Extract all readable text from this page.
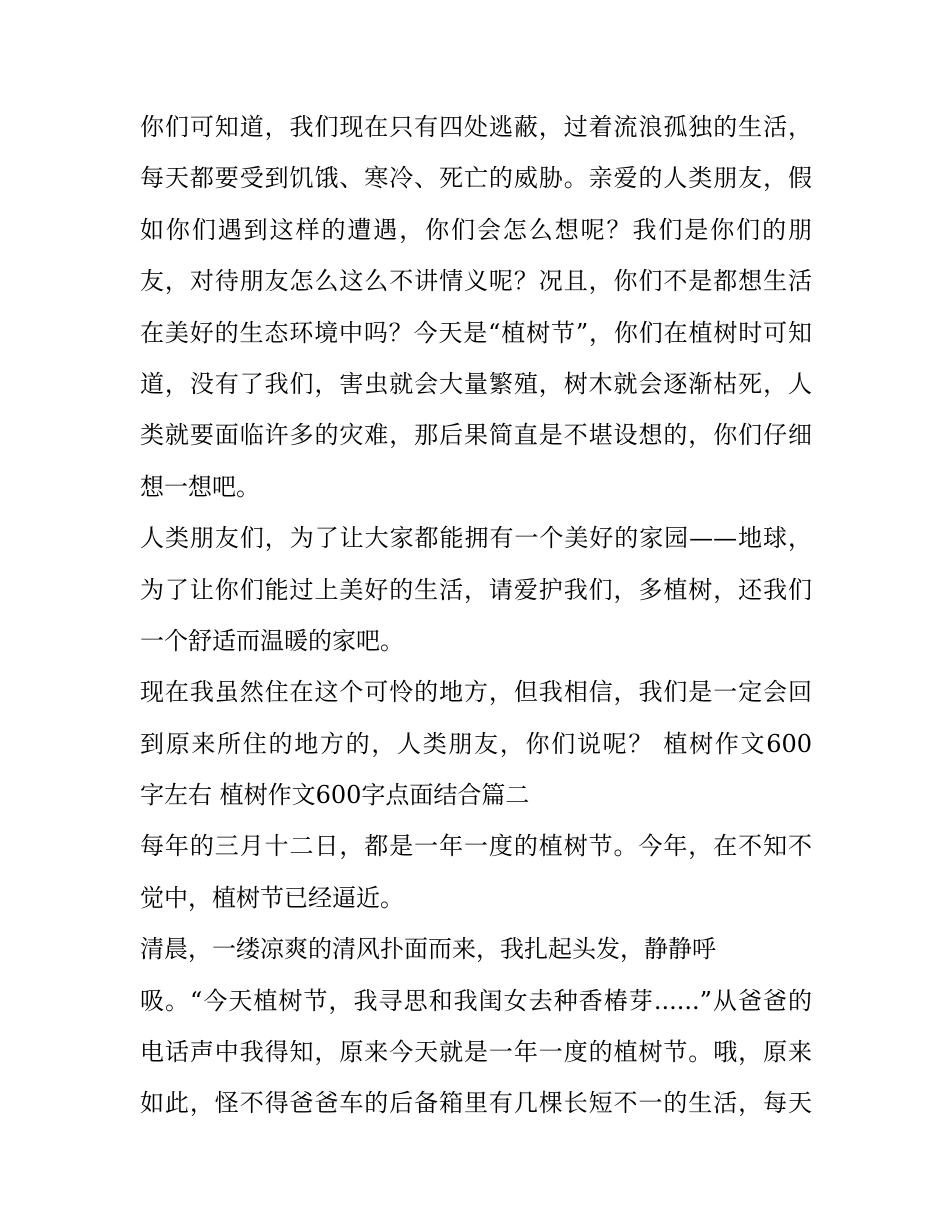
你们可知道，我们现在只有四处逃蔽，过着流浪孤独的生活，
每天都要受到饥饿、寒冷、死亡的威胁。亲爱的人类朋友，假
如你们遇到这样的遭遇，你们会怎么想呢？我们是你们的朋
友，对待朋友怎么这么不讲情义呢？况且，你们不是都想生活
在美好的生态环境中吗？今天是“植树节”，你们在植树时可知
道，没有了我们，害虫就会大量繁殖，树木就会逐渐枯死，人
类就要面临许多的灾难，那后果简直是不堪设想的，你们仔细
想一想吧。
人类朋友们，为了让大家都能拥有一个美好的家园——地球，
为了让你们能过上美好的生活，请爱护我们，多植树，还我们
一个舒适而温暖的家吧。
现在我虽然住在这个可怜的地方，但我相信，我们是一定会回
到原来所住的地方的，人类朋友，你们说呢？ 植树作文600
字左右 植树作文600字点面结合篇二
每年的三月十二日，都是一年一度的植树节。今年，在不知不
觉中，植树节已经逼近。
清晨，一缕凉爽的清风扑面而来，我扎起头发，静静呼
吸。“今天植树节，我寻思和我闺女去种香椿芽......”从爸爸的
电话声中我得知，原来今天就是一年一度的植树节。哦，原来
如此，怪不得爸爸车的后备箱里有几棵长短不一的生活，每天
